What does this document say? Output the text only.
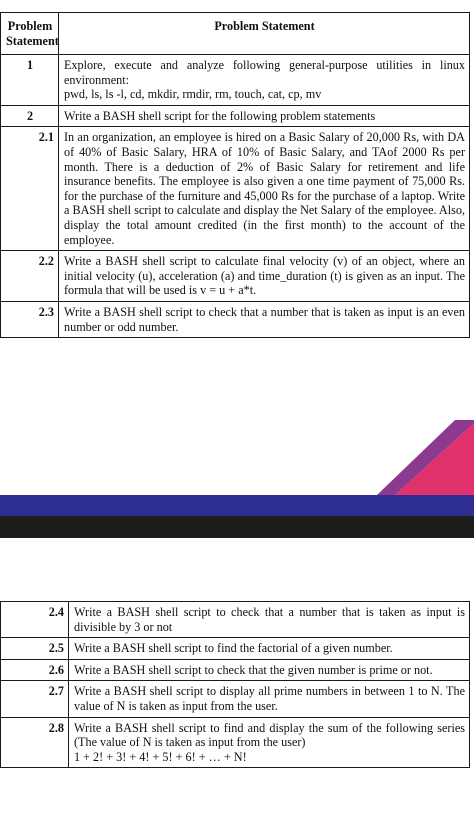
Problem Statement	Problem Statement
1	Explore, execute and analyze following general-purpose utilities in linux environment:
pwd, ls, ls -l, cd, mkdir, rmdir, rm, touch, cat, cp, mv

2	Write a BASH shell script for the following problem statements
2.1	In an organization, an employee is hired on a Basic Salary of 20,000 Rs, with DA of 40% of Basic Salary, HRA of 10% of Basic Salary, and TAof 2000 Rs per month. There is a deduction of 2% of Basic Salary for retirement and life insurance benefits. The employee is also given a one time payment of 75,000 Rs. for the purchase of the furniture and 45,000 Rs for the purchase of a laptop. Write a BASH shell script to calculate and display the Net Salary of the employee. Also, display the total amount credited (in the first month) to the account of the employee.
2.2	Write a BASH shell script to calculate final velocity (v) of an object, where an initial velocity (u), acceleration (a) and time_duration (t) is given as an input. The formula that will be used is v = u + a*t.
2.3	Write a BASH shell script to check that a number that is taken as input is an even number or odd number.
2.4	Write a BASH shell script to check that a number that is taken as input is divisible by 3 or not
2.5	Write a BASH shell script to find the factorial of a given number.
2.6	Write a BASH shell script to check that the given number is prime or not.
2.7	Write a BASH shell script to display all prime numbers in between 1 to N. The value of N is taken as input from the user.
2.8	Write a BASH shell script to find and display the sum of the following series (The value of N is taken as input from the user)
1 + 2! + 3! + 4! + 5! + 6! + … + N!
